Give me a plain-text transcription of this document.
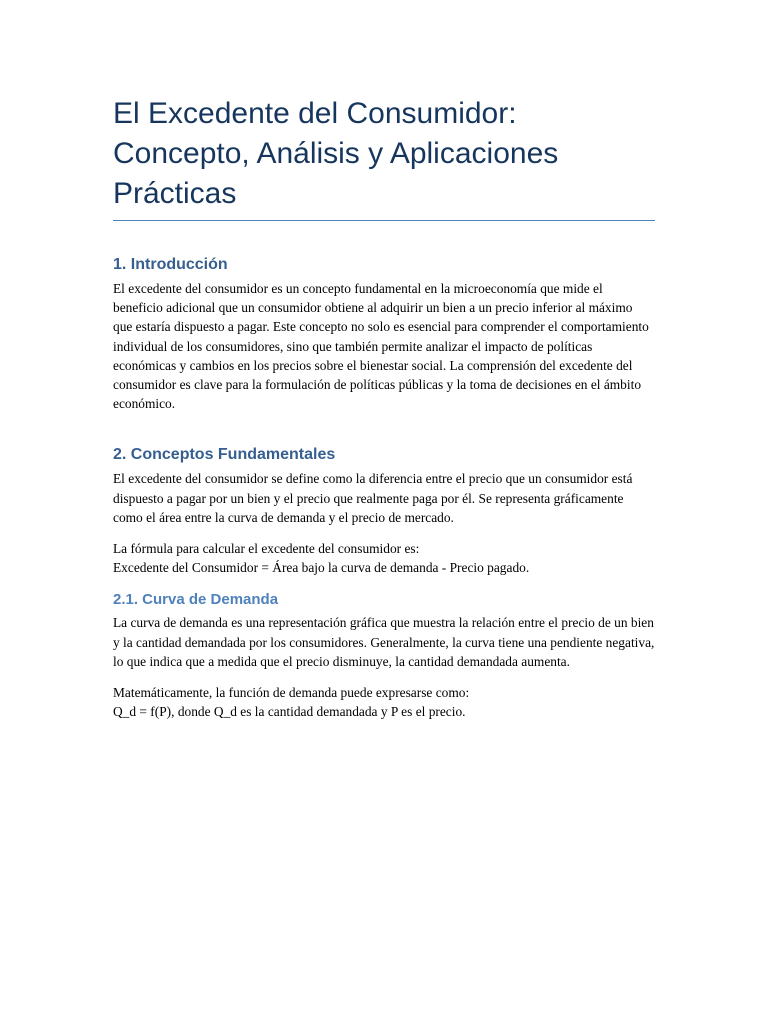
El Excedente del Consumidor: Concepto, Análisis y Aplicaciones Prácticas
1. Introducción

El excedente del consumidor es un concepto fundamental en la microeconomía que mide el beneficio adicional que un consumidor obtiene al adquirir un bien a un precio inferior al máximo que estaría dispuesto a pagar. Este concepto no solo es esencial para comprender el comportamiento individual de los consumidores, sino que también permite analizar el impacto de políticas económicas y cambios en los precios sobre el bienestar social. La comprensión del excedente del consumidor es clave para la formulación de políticas públicas y la toma de decisiones en el ámbito económico.

2. Conceptos Fundamentales

El excedente del consumidor se define como la diferencia entre el precio que un consumidor está dispuesto a pagar por un bien y el precio que realmente paga por él. Se representa gráficamente como el área entre la curva de demanda y el precio de mercado.

La fórmula para calcular el excedente del consumidor es:

Excedente del Consumidor = Área bajo la curva de demanda - Precio pagado.

2.1. Curva de Demanda

La curva de demanda es una representación gráfica que muestra la relación entre el precio de un bien y la cantidad demandada por los consumidores. Generalmente, la curva tiene una pendiente negativa, lo que indica que a medida que el precio disminuye, la cantidad demandada aumenta.

Matemáticamente, la función de demanda puede expresarse como:

Q_d = f(P), donde Q_d es la cantidad demandada y P es el precio.
